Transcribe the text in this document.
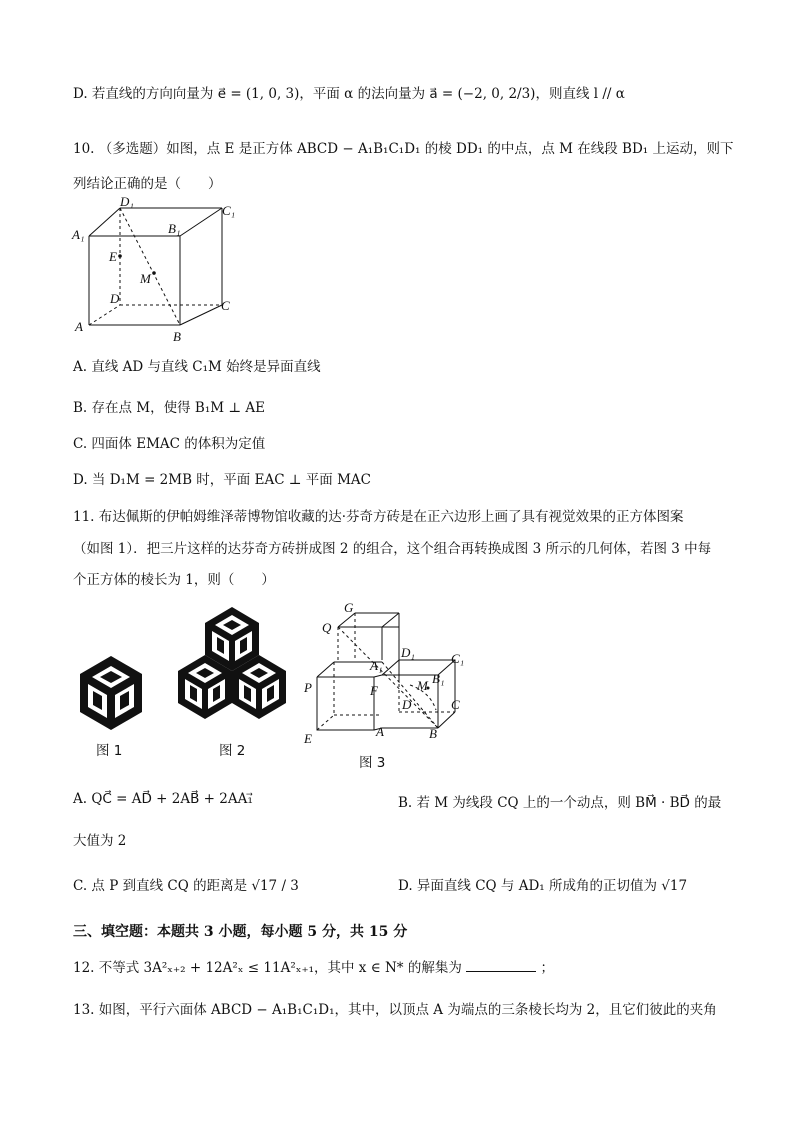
D. 若直线的方向向量为 e⃗ = (1, 0, 3)，平面 α 的法向量为 a⃗ = (−2, 0, 2/3)，则直线 l // α
10. （多选题）如图，点 E 是正方体 ABCD − A₁B₁C₁D₁ 的棱 DD₁ 的中点，点 M 在线段 BD₁ 上运动，则下
列结论正确的是（　　）
D₁
C₁
A₁	B₁
E
M
D	C
A
B
A. 直线 AD 与直线 C₁M 始终是异面直线
B. 存在点 M，使得 B₁M ⊥ AE
C. 四面体 EMAC 的体积为定值
D. 当 D₁M = 2MB 时，平面 EAC ⊥ 平面 MAC
11. 布达佩斯的伊帕姆维泽蒂博物馆收藏的达·芬奇方砖是在正六边形上画了具有视觉效果的正方体图案
（如图 1）．把三片这样的达芬奇方砖拼成图 2 的组合，这个组合再转换成图 3 所示的几何体，若图 3 中每
个正方体的棱长为 1，则（　　）
图 1	图 2
G
Q
A₁
D₁	C₁
P	F	M B₁
D	C
E	A	B
图 3
A. QC⃗ = AD⃗ + 2AB⃗ + 2AA₁⃗	B. 若 M 为线段 CQ 上的一个动点，则 BM⃗ · BD⃗ 的最
大值为 2
C. 点 P 到直线 CQ 的距离是 √17 / 3	D. 异面直线 CQ 与 AD₁ 所成角的正切值为 √17
三、填空题：本题共 3 小题，每小题 5 分，共 15 分
12. 不等式 3A²ₓ₊₂ + 12A²ₓ ≤ 11A²ₓ₊₁，其中 x ∈ N* 的解集为	；
13. 如图，平行六面体 ABCD − A₁B₁C₁D₁，其中，以顶点 A 为端点的三条棱长均为 2，且它们彼此的夹角
